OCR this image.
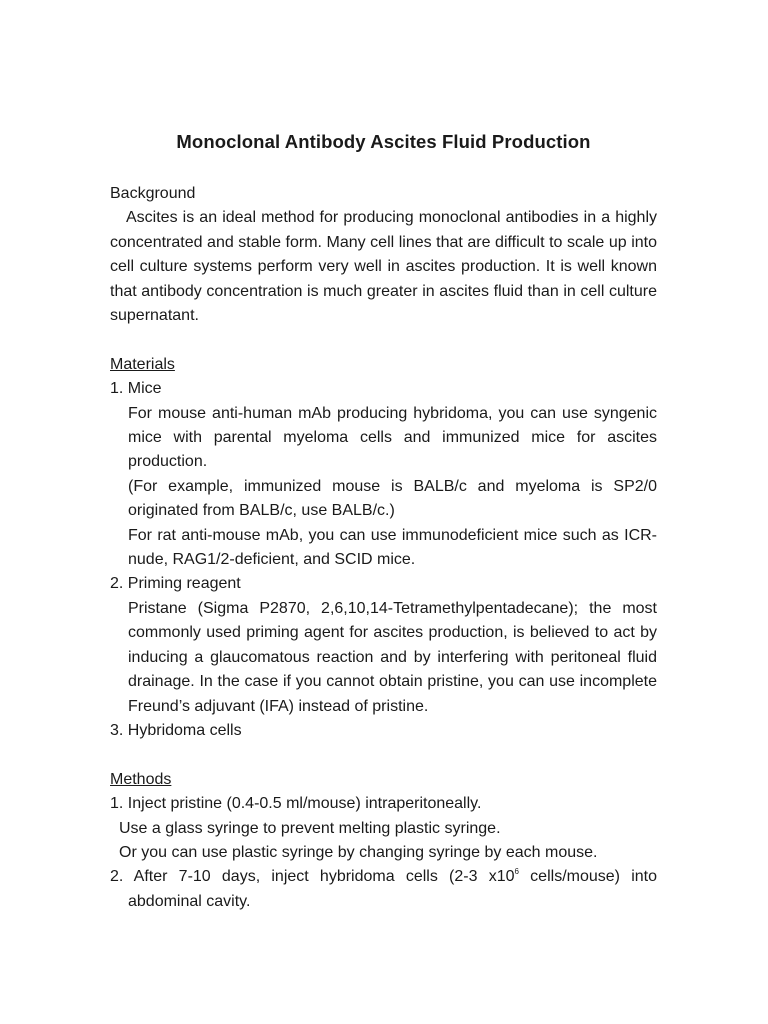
Monoclonal Antibody Ascites Fluid Production

Background

Ascites is an ideal method for producing monoclonal antibodies in a highly concentrated and stable form. Many cell lines that are difficult to scale up into cell culture systems perform very well in ascites production. It is well known that antibody concentration is much greater in ascites fluid than in cell culture supernatant.

Materials

1. Mice

For mouse anti-human mAb producing hybridoma, you can use syngenic mice with parental myeloma cells and immunized mice for ascites production.

(For example, immunized mouse is BALB/c and myeloma is SP2/0 originated from BALB/c, use BALB/c.)

For rat anti-mouse mAb, you can use immunodeficient mice such as ICR-nude, RAG1/2-deficient, and SCID mice.

2. Priming reagent

Pristane (Sigma P2870, 2,6,10,14-Tetramethylpentadecane); the most commonly used priming agent for ascites production, is believed to act by inducing a glaucomatous reaction and by interfering with peritoneal fluid drainage. In the case if you cannot obtain pristine, you can use incomplete Freund’s adjuvant (IFA) instead of pristine.

3. Hybridoma cells

Methods

1. Inject pristine (0.4-0.5 ml/mouse) intraperitoneally.

Use a glass syringe to prevent melting plastic syringe.

Or you can use plastic syringe by changing syringe by each mouse.

2. After 7-10 days, inject hybridoma cells (2-3 $x10^6$ cells/mouse) into abdominal cavity.
